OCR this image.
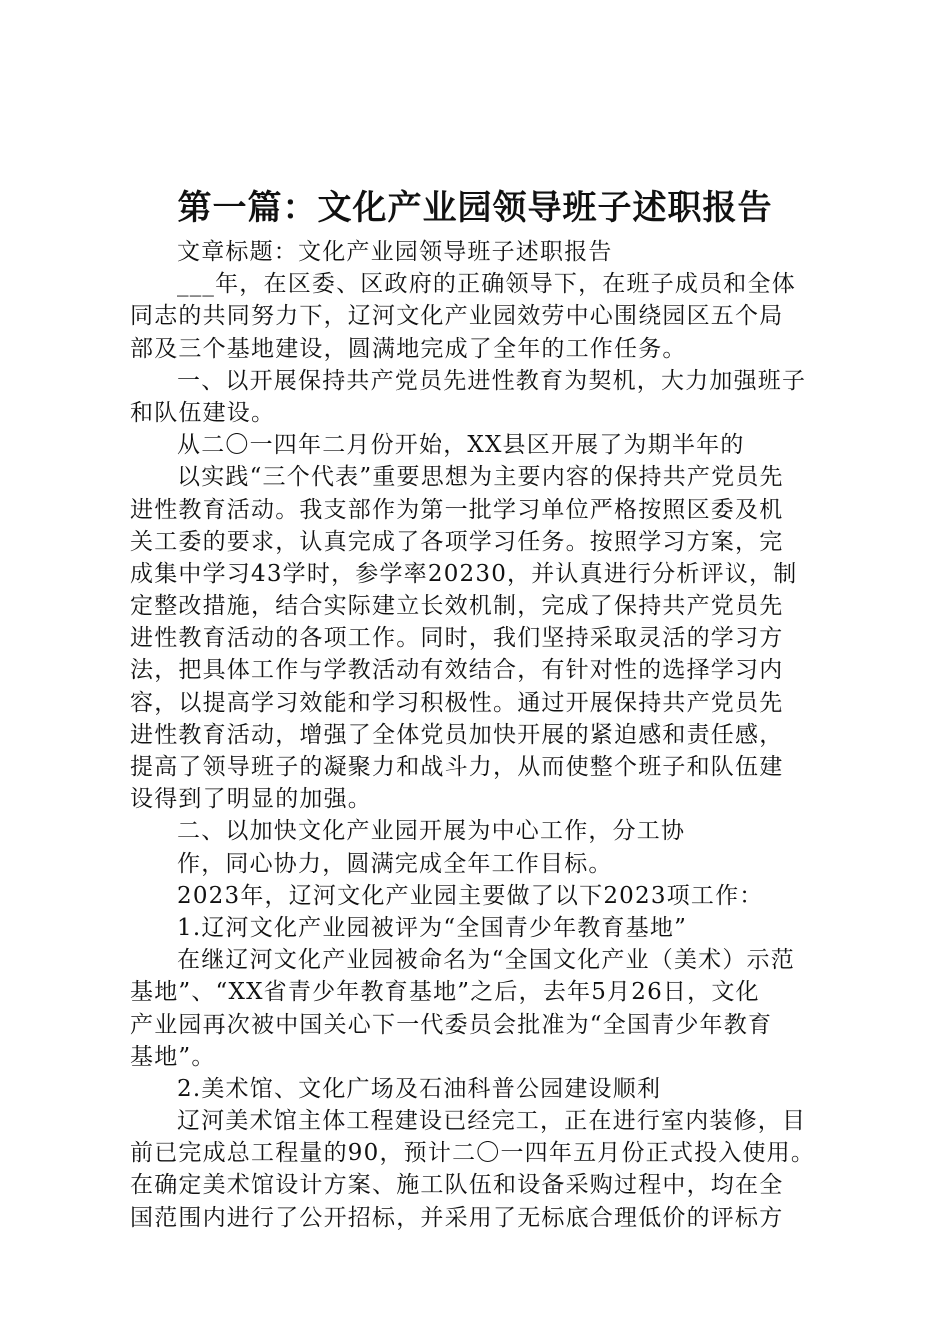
第一篇：文化产业园领导班子述职报告
文章标题：文化产业园领导班子述职报告
___年，在区委、区政府的正确领导下，在班子成员和全体
同志的共同努力下，辽河文化产业园效劳中心围绕园区五个局
部及三个基地建设，圆满地完成了全年的工作任务。
一、以开展保持共产党员先进性教育为契机，大力加强班子
和队伍建设。
从二〇一四年二月份开始，XX县区开展了为期半年的
以实践“三个代表”重要思想为主要内容的保持共产党员先
进性教育活动。我支部作为第一批学习单位严格按照区委及机
关工委的要求，认真完成了各项学习任务。按照学习方案，完
成集中学习43学时，参学率20230，并认真进行分析评议，制
定整改措施，结合实际建立长效机制，完成了保持共产党员先
进性教育活动的各项工作。同时，我们坚持采取灵活的学习方
法，把具体工作与学教活动有效结合，有针对性的选择学习内
容，以提高学习效能和学习积极性。通过开展保持共产党员先
进性教育活动，增强了全体党员加快开展的紧迫感和责任感，
提高了领导班子的凝聚力和战斗力，从而使整个班子和队伍建
设得到了明显的加强。
二、以加快文化产业园开展为中心工作，分工协
作，同心协力，圆满完成全年工作目标。
2023年，辽河文化产业园主要做了以下2023项工作：
1.辽河文化产业园被评为“全国青少年教育基地”
在继辽河文化产业园被命名为“全国文化产业（美术）示范
基地”、“XX省青少年教育基地”之后，去年5月26日，文化
产业园再次被中国关心下一代委员会批准为“全国青少年教育
基地”。
2.美术馆、文化广场及石油科普公园建设顺利
辽河美术馆主体工程建设已经完工，正在进行室内装修，目
前已完成总工程量的90，预计二〇一四年五月份正式投入使用。
在确定美术馆设计方案、施工队伍和设备采购过程中，均在全
国范围内进行了公开招标，并采用了无标底合理低价的评标方
